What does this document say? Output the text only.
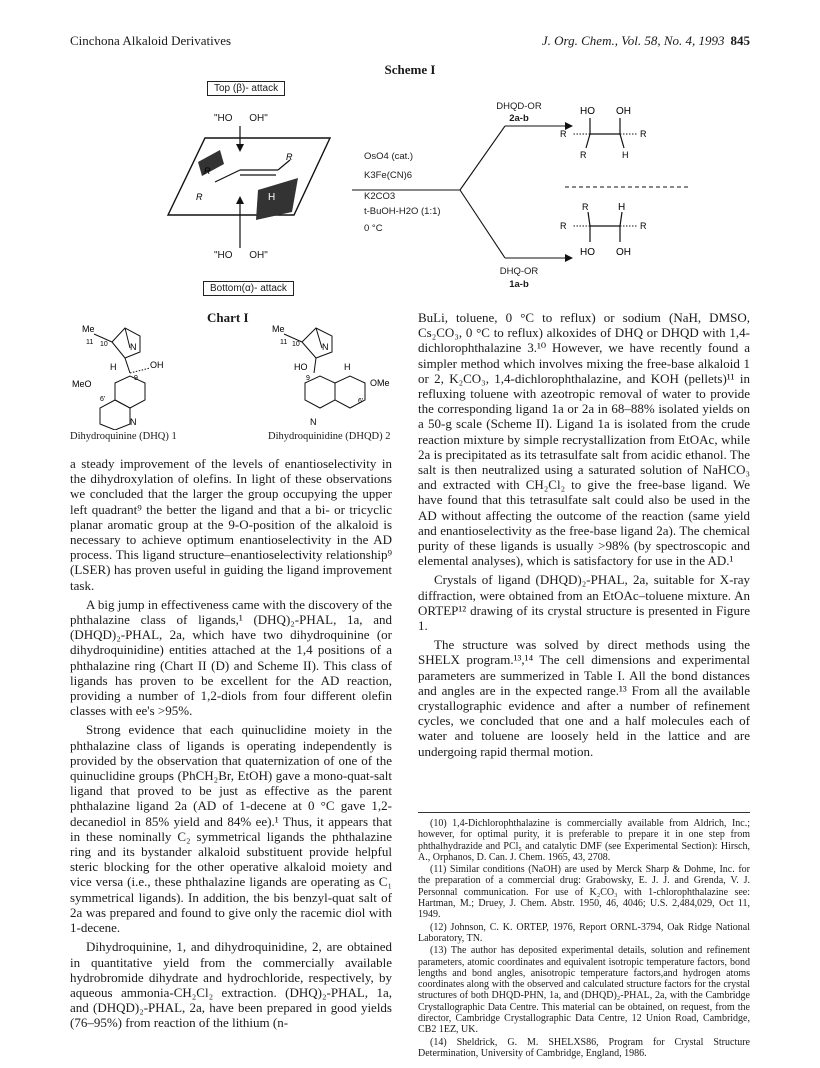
Cinchona Alkaloid Derivatives	J. Org. Chem., Vol. 58, No. 4, 1993 845
Scheme I
Top (β)- attack
"HO      OH"
"HO      OH"
Bottom(α)- attack
R
R
R	H
OsO4 (cat.)
K3Fe(CN)6
K2CO3
t-BuOH-H2O (1:1)
0 °C
DHQD-OR
2a-b
DHQ-OR
1a-b
HO OH
R	R
R	H
R	H
R	R
HO OH
Chart I
Me
11 10 N
H	OH
9
N
MeO
6'
Me
11 10 N
HO
9
H
N
OMe
6'
Dihydroquinine (DHQ) 1	Dihydroquinidine (DHQD) 2

a steady improvement of the levels of enantioselectivity in the dihydroxylation of olefins. In light of these observations we concluded that the larger the group occupying the upper left quadrant⁹ the better the ligand and that a bi- or tricyclic planar aromatic group at the 9-O-position of the alkaloid is necessary to achieve optimum enantioselectivity in the AD process. This ligand structure–enantioselectivity relationship⁹ (LSER) has proven useful in guiding the ligand improvement task.

A big jump in effectiveness came with the discovery of the phthalazine class of ligands,¹ (DHQ)₂-PHAL, 1a, and (DHQD)₂-PHAL, 2a, which have two dihydroquinine (or dihydroquinidine) entities attached at the 1,4 positions of a phthalazine ring (Chart II (D) and Scheme II). This class of ligands has proven to be excellent for the AD reaction, providing a number of 1,2-diols from four different olefin classes with ee's >95%.

Strong evidence that each quinuclidine moiety in the phthalazine class of ligands is operating independently is provided by the observation that quaternization of one of the quinuclidine groups (PhCH₂Br, EtOH) gave a mono-quat-salt ligand that proved to be just as effective as the parent phthalazine ligand 2a (AD of 1-decene at 0 °C gave 1,2-decanediol in 85% yield and 84% ee).¹ Thus, it appears that in these nominally C₂ symmetrical ligands the phthalazine ring and its bystander alkaloid substituent provide helpful steric blocking for the other operative alkaloid moiety and vice versa (i.e., these phthalazine ligands are operating as C₁ symmetrical ligands). In addition, the bis benzyl-quat salt of 2a was prepared and found to give only the racemic diol with 1-decene.

Dihydroquinine, 1, and dihydroquinidine, 2, are obtained in quantitative yield from the commercially available hydrobromide dihydrate and hydrochloride, respectively, by aqueous ammonia-CH₂Cl₂ extraction. (DHQ)₂-PHAL, 1a, and (DHQD)₂-PHAL, 2a, have been prepared in good yields (76–95%) from reaction of the lithium (n-

BuLi, toluene, 0 °C to reflux) or sodium (NaH, DMSO, Cs₂CO₃, 0 °C to reflux) alkoxides of DHQ or DHQD with 1,4-dichlorophthalazine 3.¹⁰ However, we have recently found a simpler method which involves mixing the free-base alkaloid 1 or 2, K₂CO₃, 1,4-dichlorophthalazine, and KOH (pellets)¹¹ in refluxing toluene with azeotropic removal of water to provide the corresponding ligand 1a or 2a in 68–88% isolated yields on a 50-g scale (Scheme II). Ligand 1a is isolated from the crude reaction mixture by simple recrystallization from EtOAc, while 2a is precipitated as its tetrasulfate salt from acidic ethanol. The salt is then neutralized using a saturated solution of NaHCO₃ and extracted with CH₂Cl₂ to give the free-base ligand. We have found that this tetrasulfate salt could also be used in the AD without affecting the outcome of the reaction (same yield and enantioselectivity as the free-base ligand 2a). The chemical purity of these ligands is usually >98% (by spectroscopic and elemental analyses), which is satisfactory for use in the AD.¹

Crystals of ligand (DHQD)₂-PHAL, 2a, suitable for X-ray diffraction, were obtained from an EtOAc–toluene mixture. An ORTEP¹² drawing of its crystal structure is presented in Figure 1.

The structure was solved by direct methods using the SHELX program.¹³,¹⁴ The cell dimensions and experimental parameters are summerized in Table I. All the bond distances and angles are in the expected range.¹³ From all the available crystallographic evidence and after a number of refinement cycles, we concluded that one and a half molecules each of water and toluene are loosely held in the lattice and are undergoing rapid thermal motion.

(10) 1,4-Dichlorophthalazine is commercially available from Aldrich, Inc.; however, for optimal purity, it is preferable to prepare it in one step from phthalhydrazide and PCl₅ and catalytic DMF (see Experimental Section): Hirsch, A., Orphanos, D. Can. J. Chem. 1965, 43, 2708.

(11) Similar conditions (NaOH) are used by Merck Sharp & Dohme, Inc. for the preparation of a commercial drug: Grabowsky, E. J. J. and Grenda, V. J. Personnal communication. For use of K₂CO₃ with 1-chlorophthalazine see: Hartman, M.; Druey, J. Chem. Abstr. 1950, 46, 4046; U.S. 2,484,029, Oct 11, 1949.

(12) Johnson, C. K. ORTEP, 1976, Report ORNL-3794, Oak Ridge National Laboratory, TN.

(13) The author has deposited experimental details, solution and refinement parameters, atomic coordinates and equivalent isotropic temperature factors, bond lengths and bond angles, anisotropic temperature factors,and hydrogen atoms coordinates along with the observed and calculated structure factors for the crystal structures of both DHQD-PHN, 1a, and (DHQD)₂-PHAL, 2a, with the Cambridge Crystallographic Data Centre. This material can be obtained, on request, from the director, Cambridge Crystallographic Data Centre, 12 Union Road, Cambridge, CB2 1EZ, UK.

(14) Sheldrick, G. M. SHELXS86, Program for Crystal Structure Determination, University of Cambridge, England, 1986.
